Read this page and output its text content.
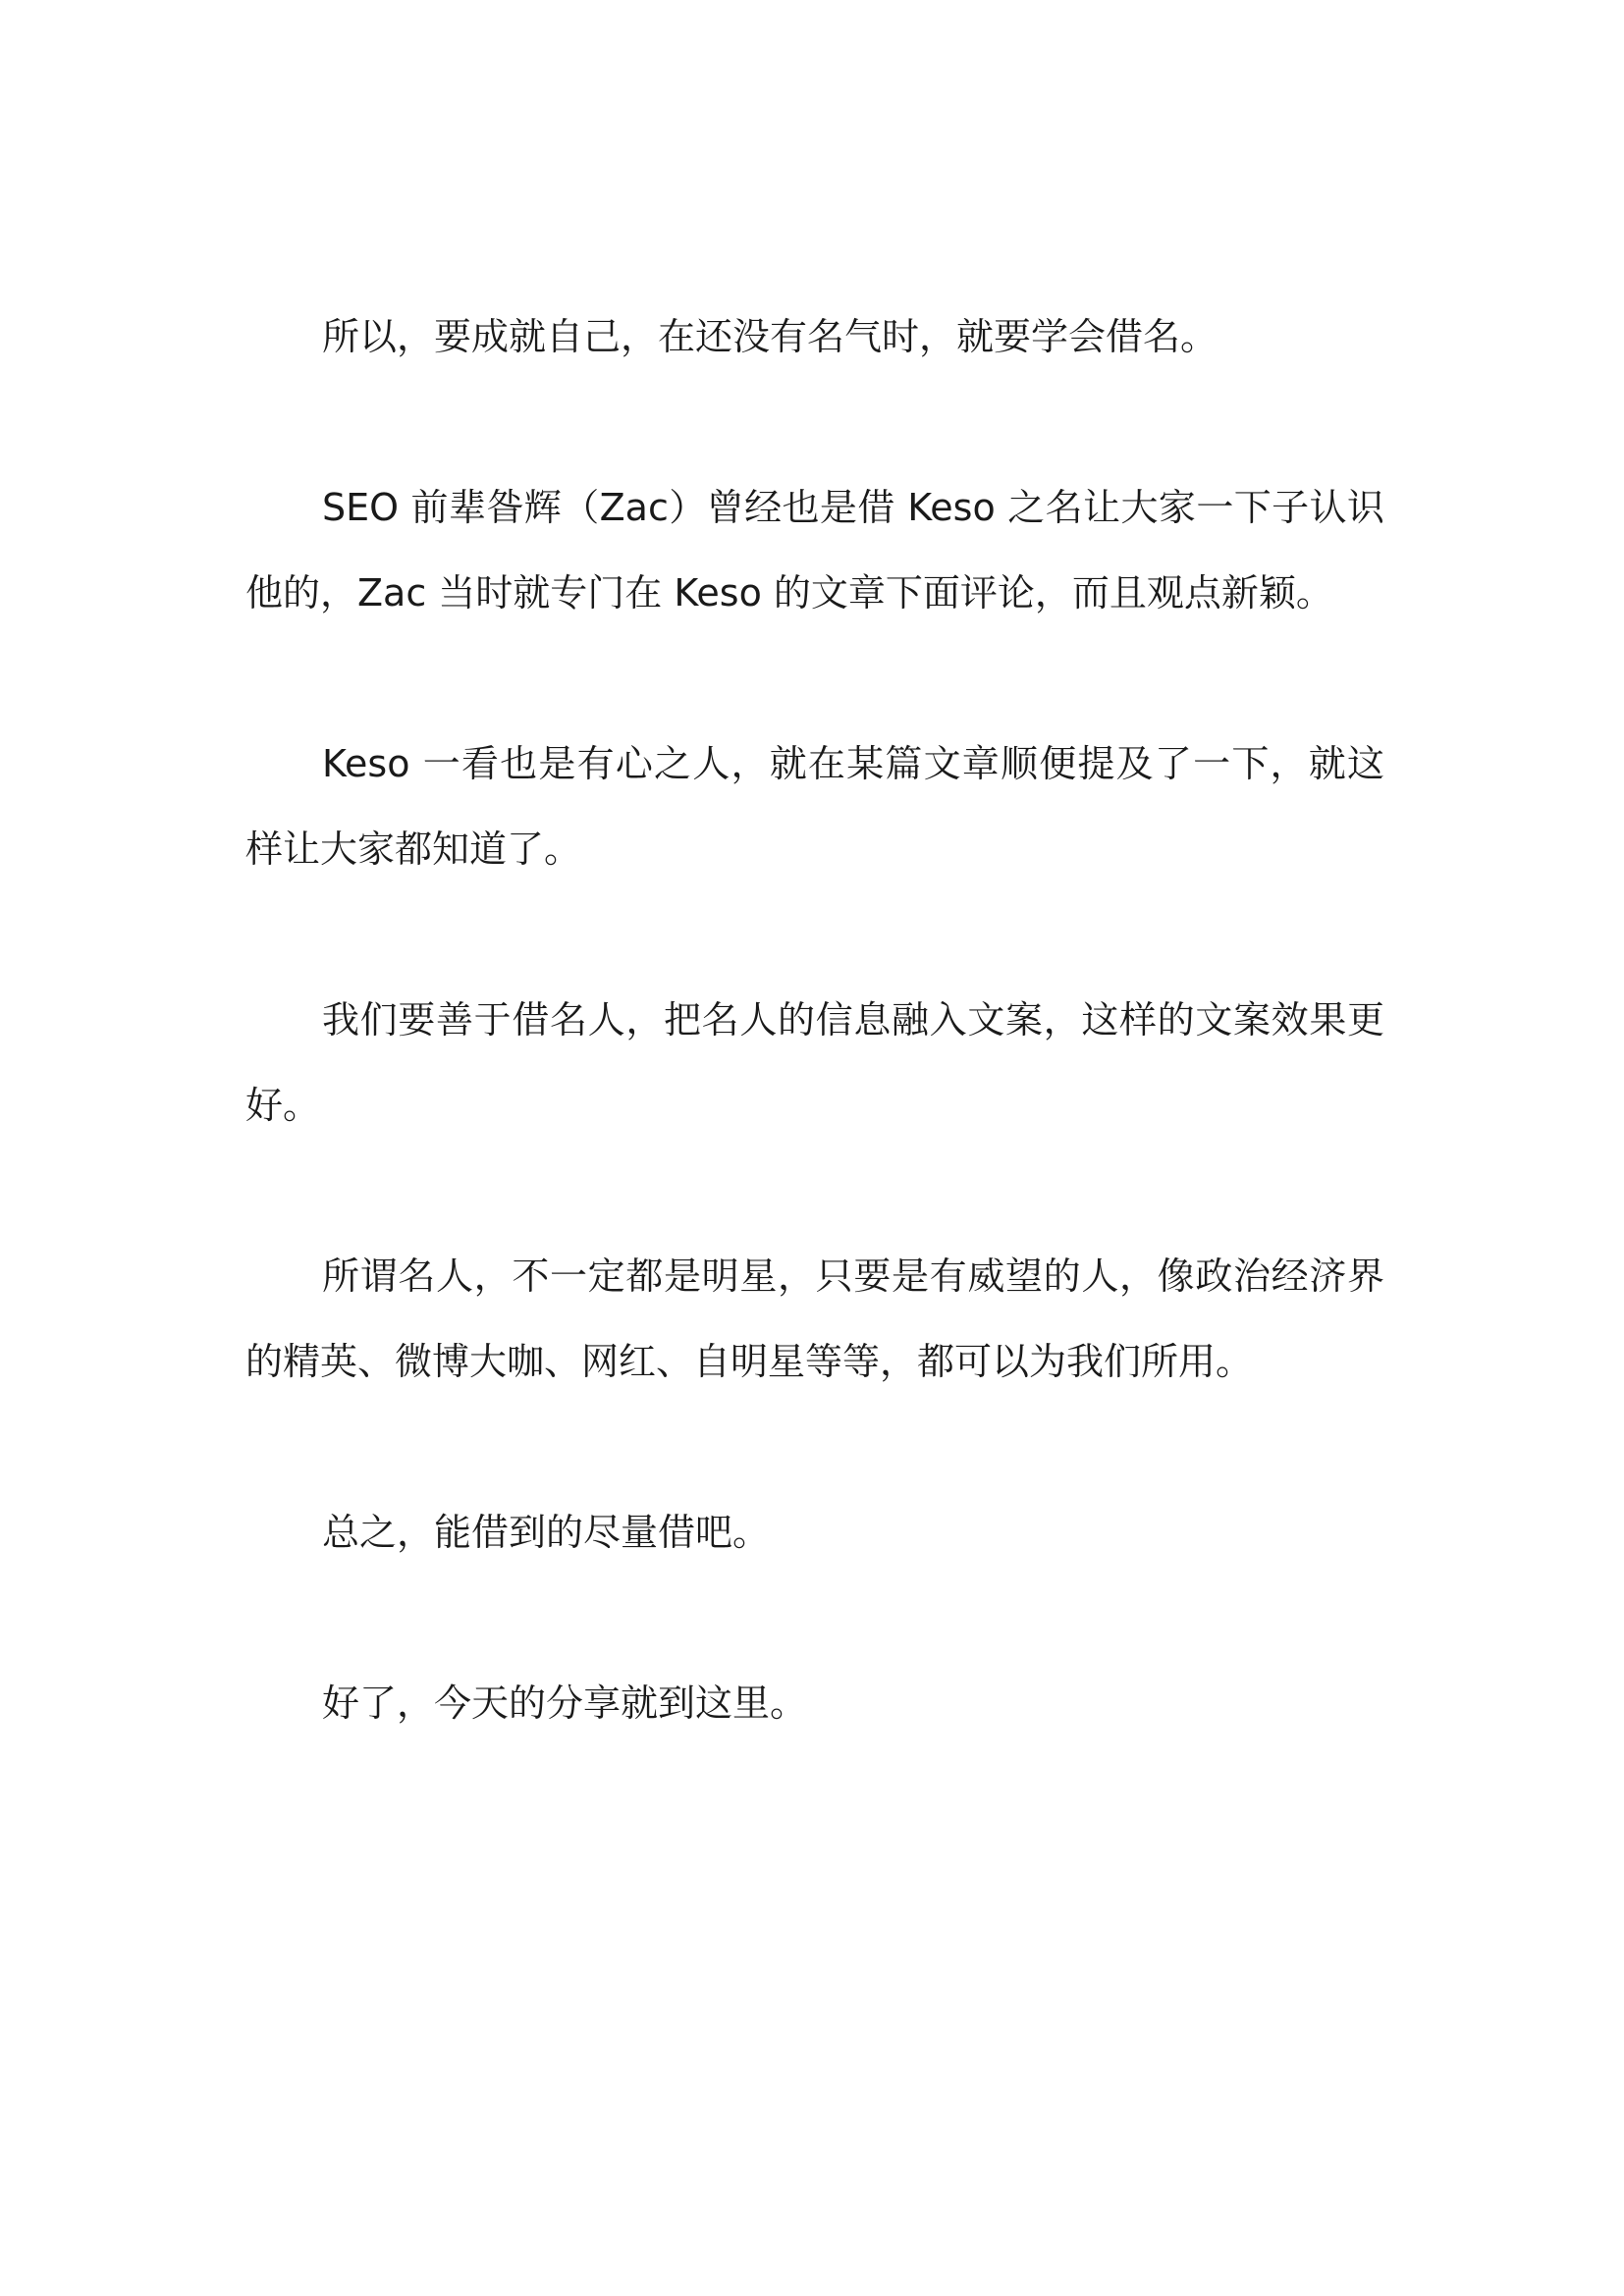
所以，要成就自己，在还没有名气时，就要学会借名。

SEO 前辈昝辉（Zac）曾经也是借 Keso 之名让大家一下子认识他的，Zac 当时就专门在 Keso 的文章下面评论，而且观点新颖。

Keso 一看也是有心之人，就在某篇文章顺便提及了一下，就这样让大家都知道了。

我们要善于借名人，把名人的信息融入文案，这样的文案效果更好。

所谓名人，不一定都是明星，只要是有威望的人，像政治经济界的精英、微博大咖、网红、自明星等等，都可以为我们所用。

总之，能借到的尽量借吧。

好了，今天的分享就到这里。
